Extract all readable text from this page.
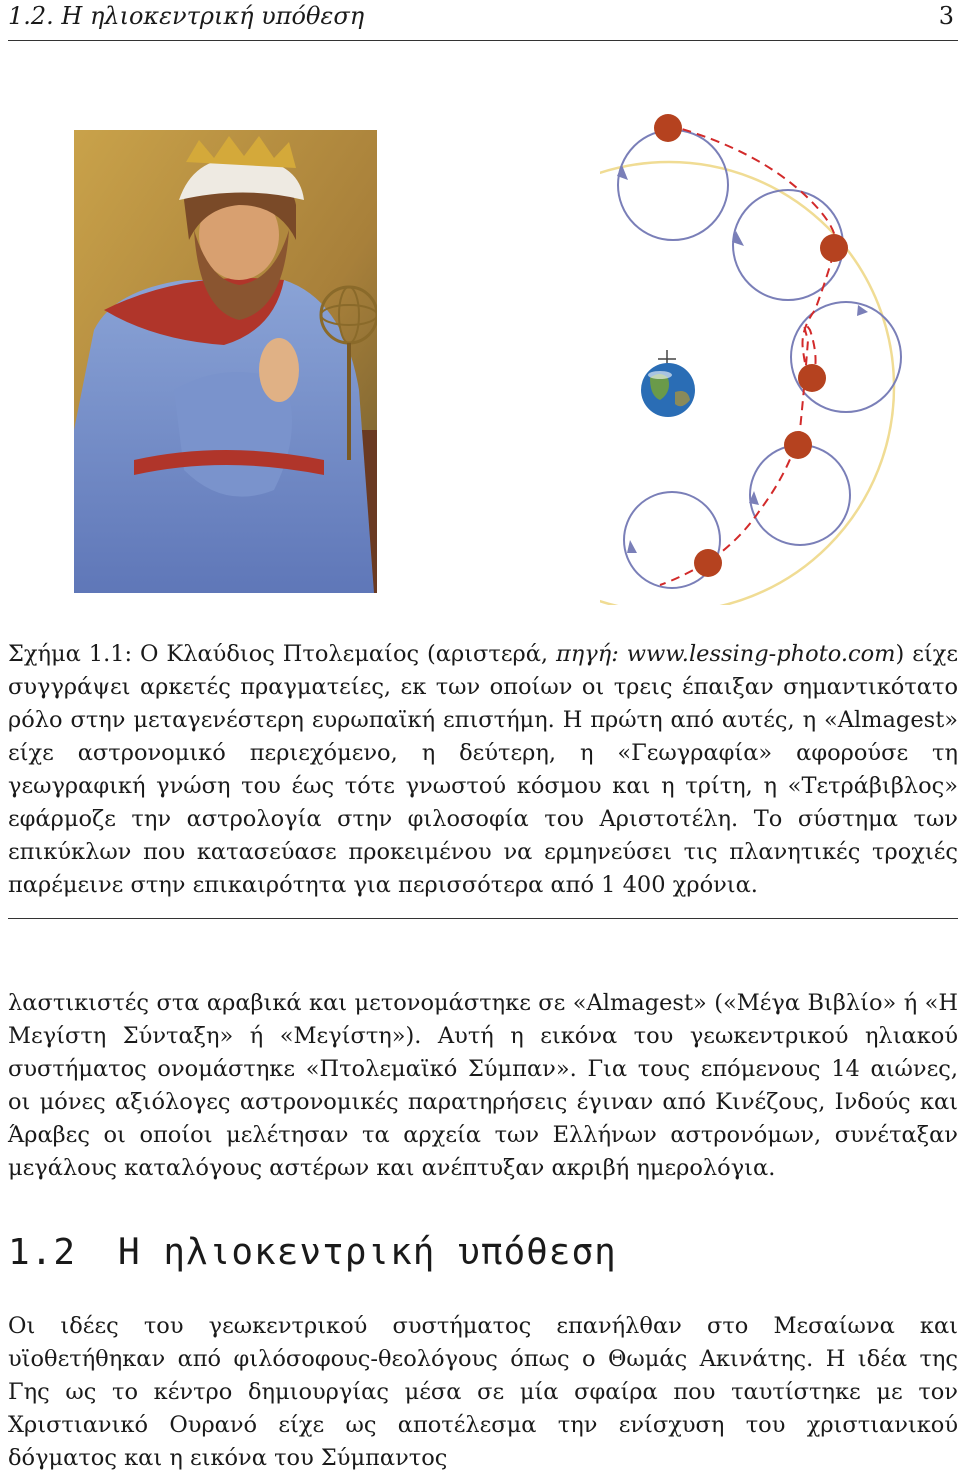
1.2. Η ηλιοκεντρική υπόθεση	3

Σχήμα 1.1: Ο Κλαύδιος Πτολεμαίος (αριστερά, πηγή: www.lessing-photo.com) είχε συγγράψει αρκετές πραγματείες, εκ των οποίων οι τρεις έπαιξαν σημαντικότατο ρόλο στην μεταγενέστερη ευρωπαϊκή επιστήμη. Η πρώτη από αυτές, η «Almagest» είχε αστρονομικό περιεχόμενο, η δεύτερη, η «Γεωγραφία» αφορούσε τη γεωγραφική γνώση του έως τότε γνωστού κόσμου και η τρίτη, η «Τετράβιβλος» εφάρμοζε την αστρολογία στην φιλοσοφία του Αριστοτέλη. Το σύστημα των επικύκλων που κατασεύασε προκειμένου να ερμηνεύσει τις πλανητικές τροχιές παρέμεινε στην επικαιρότητα για περισσότερα από 1 400 χρόνια.

λαστικιστές στα αραβικά και μετονομάστηκε σε «Almagest» («Μέγα Βιβλίο» ή «Η Μεγίστη Σύνταξη» ή «Μεγίστη»). Αυτή η εικόνα του γεωκεντρικού ηλιακού συστήματος ονομάστηκε «Πτολεμαϊκό Σύμπαν». Για τους επόμενους 14 αιώνες, οι μόνες αξιόλογες αστρονομικές παρατηρήσεις έγιναν από Κινέζους, Ινδούς και Άραβες οι οποίοι μελέτησαν τα αρχεία των Ελλήνων αστρονόμων, συνέταξαν μεγάλους καταλόγους αστέρων και ανέπτυξαν ακριβή ημερολόγια.

1.2 Η ηλιοκεντρική υπόθεση

Οι ιδέες του γεωκεντρικού συστήματος επανήλθαν στο Μεσαίωνα και υϊοθετήθηκαν από φιλόσοφους-θεολόγους όπως ο Θωμάς Ακινάτης. Η ιδέα της Γης ως το κέντρο δημιουργίας μέσα σε μία σφαίρα που ταυτίστηκε με τον Χριστιανικό Ουρανό είχε ως αποτέλεσμα την ενίσχυση του χριστιανικού δόγματος και η εικόνα του Σύμπαντος
